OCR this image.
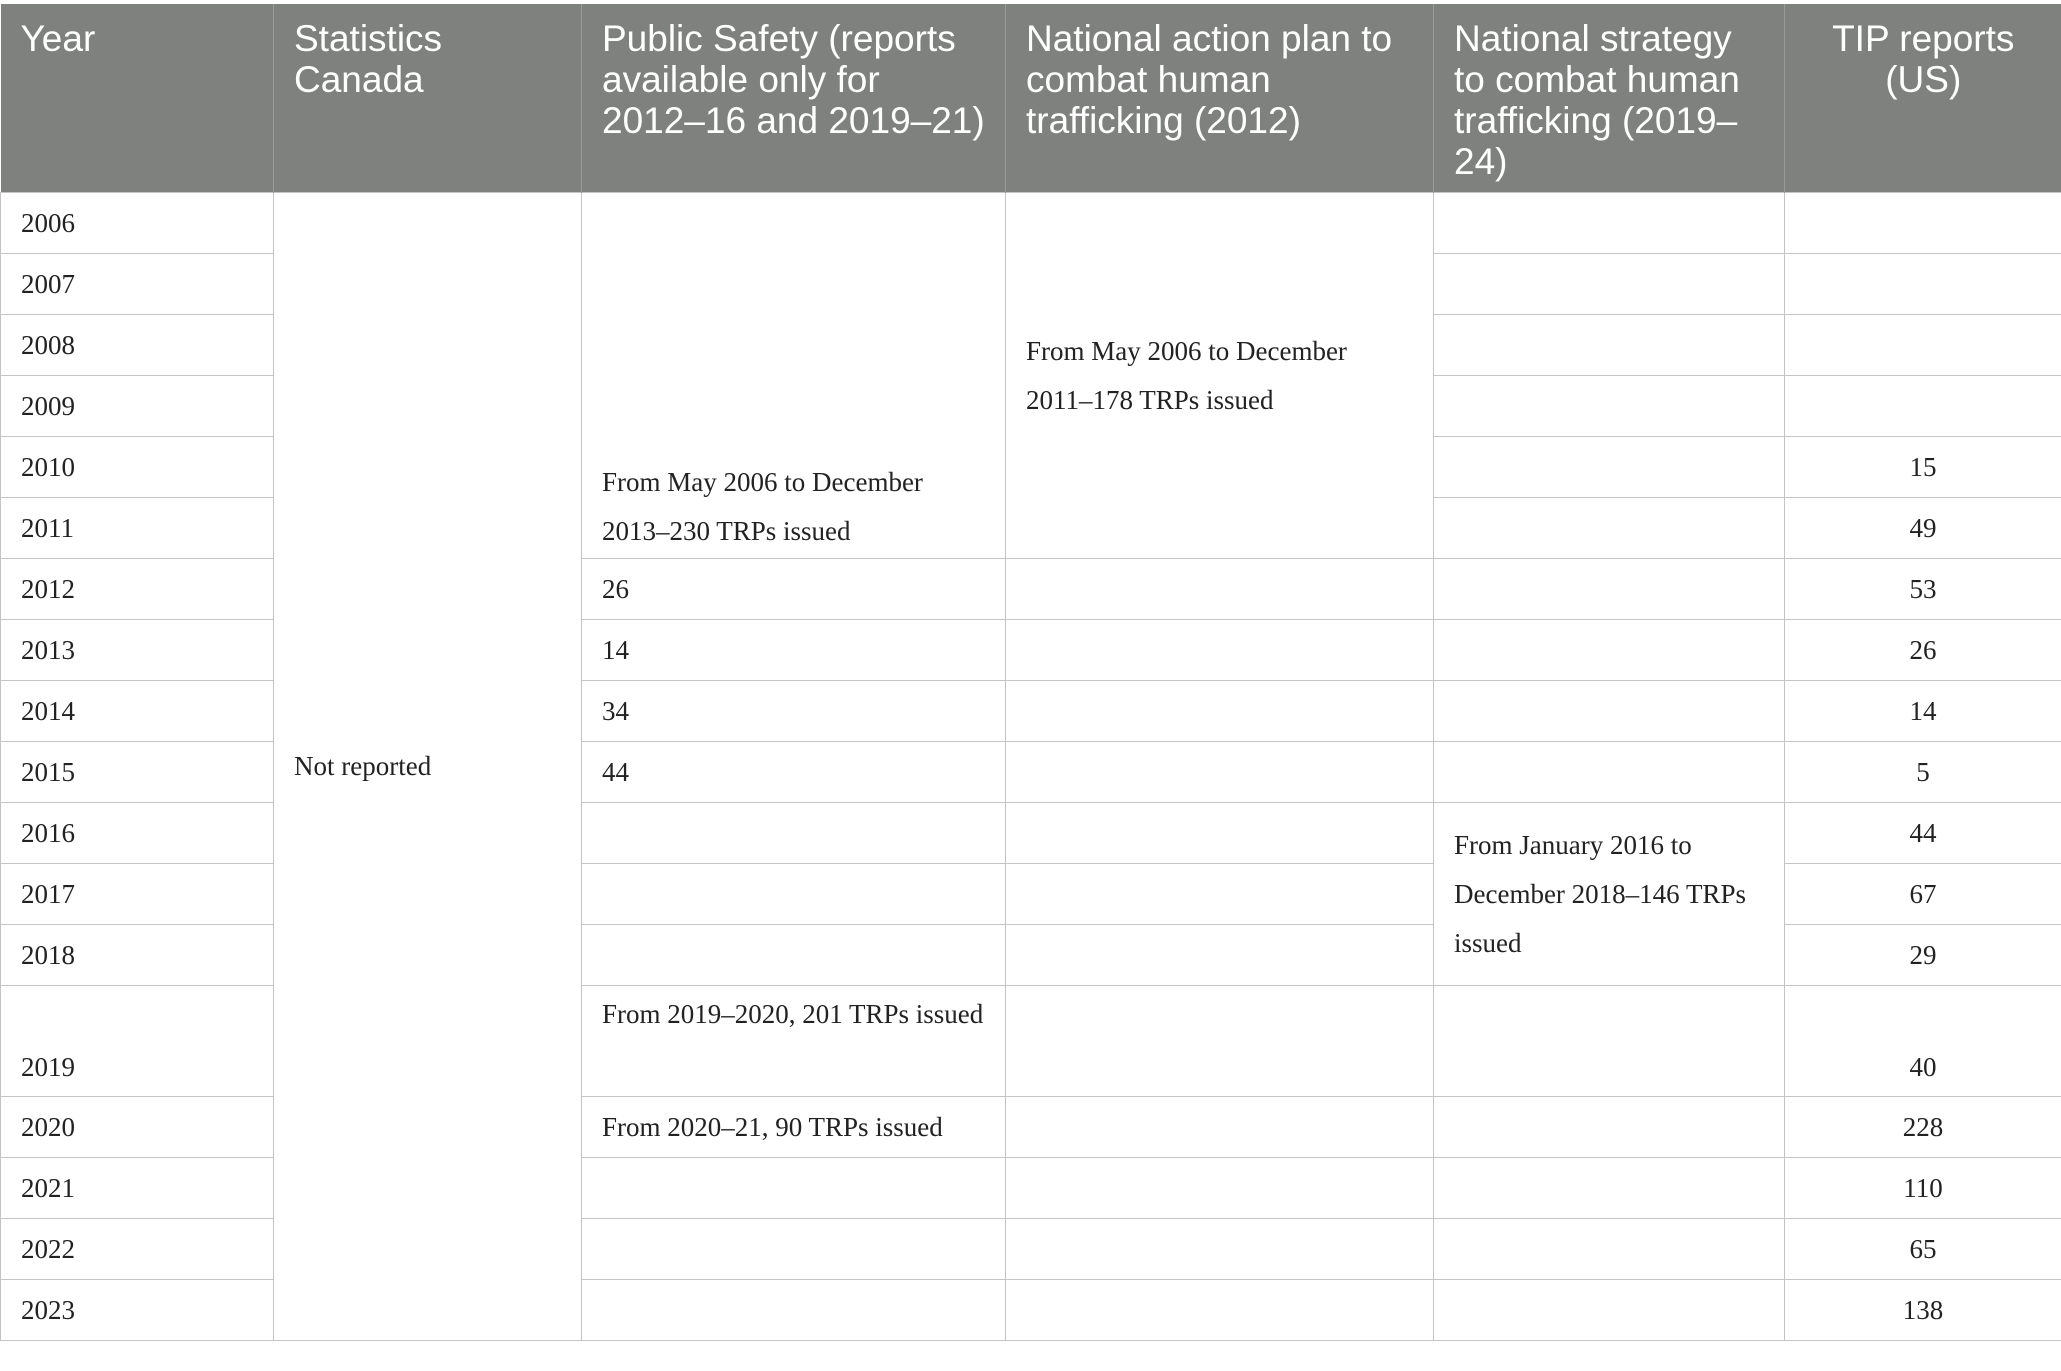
Year	Statistics Canada	Public Safety (reports available only for 2012–16 and 2019–21)	National action plan to combat human trafficking (2012)	National strategy to combat human trafficking (2019–24)	TIP reports (US)
2006	Not reported	From May 2006 to December 2013–230 TRPs issued	From May 2006 to December 2011–178 TRPs issued		
2007					
2008					
2009					
2010					15
2011					49
2012		26			53
2013		14			26
2014		34			14
2015		44			5
2016				From January 2016 to December 2018–146 TRPs issued	44
2017					67
2018					29
2019		From 2019–2020, 201 TRPs issued			40
2020		From 2020–21, 90 TRPs issued			228
2021					110
2022					65
2023					138
